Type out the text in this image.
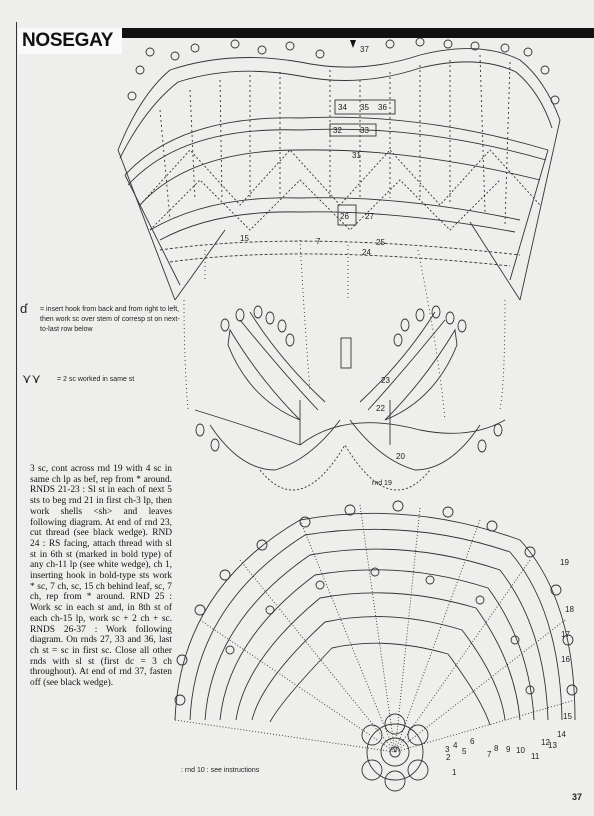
NOSEGAY	37
34 35 36
32 33
31
26 27
15	7	25
24
23
22
20
1
2
3 4
5
6
7
8 9 10
11
12
13
14
15
16
17
18
19
ɗ = insert hook from back and from right to left, then work sc over stem of corresp st on next-to-last row below
⋎⋎ = 2 sc worked in same st
3 sc, cont across rnd 19 with 4 sc in same ch lp as bef, rep from * around. RNDS 21-23 : Sl st in each of next 5 sts to beg rnd 21 in first ch-3 lp, then work shells <sh> and leaves following diagram. At end of rnd 23, cut thread (see black wedge). RND 24 : RS facing, attach thread with sl st in 6th st (marked in bold type) of any ch-11 lp (see white wedge), ch 1, inserting hook in bold-type sts work * sc, 7 ch, sc, 15 ch behind leaf, sc, 7 ch, rep from * around. RND 25 : Work sc in each st and, in 8th st of each ch-15 lp, work sc + 2 ch + sc. RNDS 26-37 : Work following diagram. On rnds 27, 33 and 36, last ch st = sc in first sc. Close all other rnds with sl st (first dc = 3 ch throughout). At end of rnd 37, fasten off (see black wedge).
rnd 19
: rnd 10 : see instructions
37
